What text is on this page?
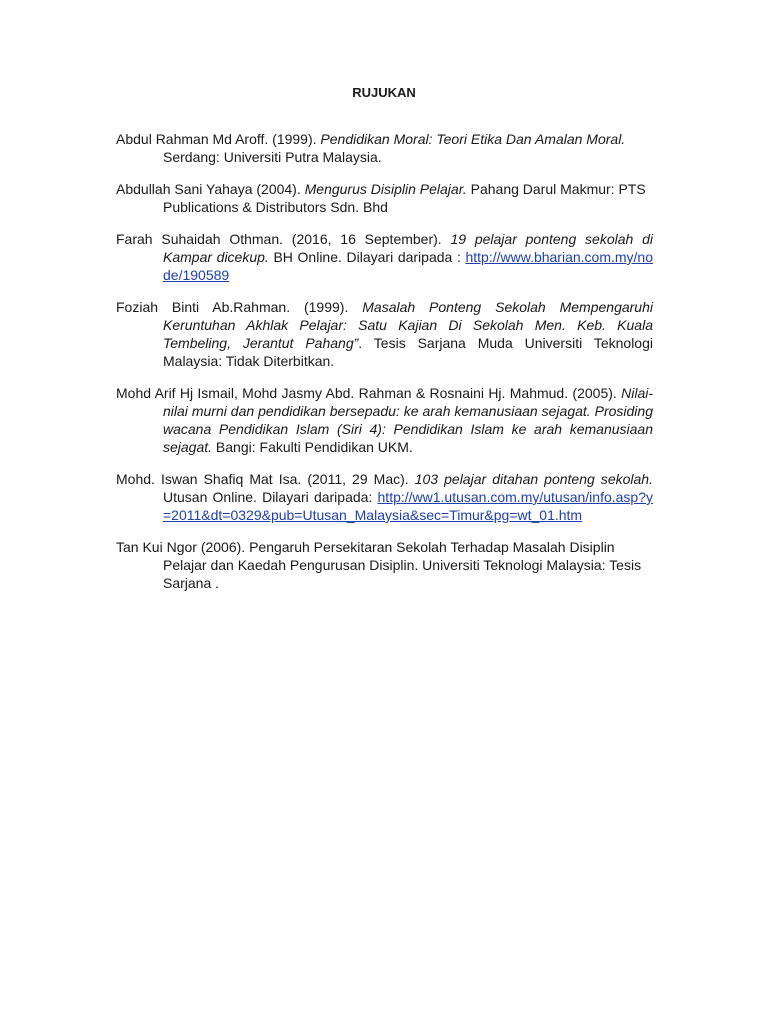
RUJUKAN

Abdul Rahman Md Aroff. (1999). Pendidikan Moral: Teori Etika Dan Amalan Moral.
Serdang: Universiti Putra Malaysia.

Abdullah Sani Yahaya (2004). Mengurus Disiplin Pelajar. Pahang Darul Makmur: PTS Publications & Distributors Sdn. Bhd

Farah Suhaidah Othman. (2016, 16 September). 19 pelajar ponteng sekolah di Kampar dicekup. BH Online. Dilayari daripada : http://www.bharian.com.my/node/190589

Foziah Binti Ab.Rahman. (1999). Masalah Ponteng Sekolah Mempengaruhi Keruntuhan Akhlak Pelajar: Satu Kajian Di Sekolah Men. Keb. Kuala Tembeling, Jerantut Pahang”. Tesis Sarjana Muda Universiti Teknologi Malaysia: Tidak Diterbitkan.

Mohd Arif Hj Ismail, Mohd Jasmy Abd. Rahman & Rosnaini Hj. Mahmud. (2005). Nilai-nilai murni dan pendidikan bersepadu: ke arah kemanusiaan sejagat. Prosiding wacana Pendidikan Islam (Siri 4): Pendidikan Islam ke arah kemanusiaan sejagat. Bangi: Fakulti Pendidikan UKM.

Mohd. Iswan Shafiq Mat Isa. (2011, 29 Mac). 103 pelajar ditahan ponteng sekolah. Utusan Online. Dilayari daripada: http://ww1.utusan.com.my/utusan/info.asp?y=2011&dt=0329&pub=Utusan_Malaysia&sec=Timur&pg=wt_01.htm

Tan Kui Ngor (2006). Pengaruh Persekitaran Sekolah Terhadap Masalah Disiplin Pelajar dan Kaedah Pengurusan Disiplin. Universiti Teknologi Malaysia: Tesis Sarjana .
